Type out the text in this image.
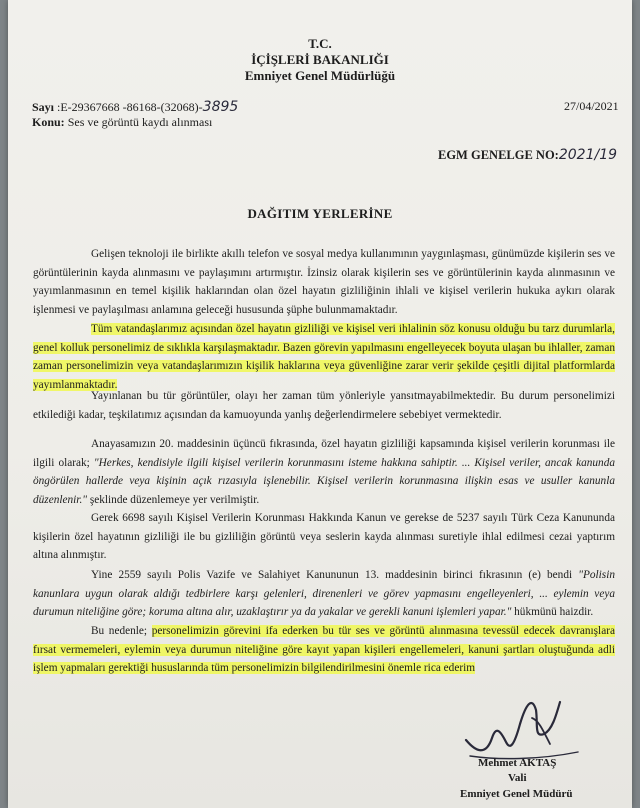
T.C.
İÇİŞLERİ BAKANLIĞI
Emniyet Genel Müdürlüğü
Sayı :E-29367668 -86168-(32068)-3895	27/04/2021
Konu: Ses ve görüntü kaydı alınması
EGM GENELGE NO:2021/19
DAĞITIM YERLERİNE

Gelişen teknoloji ile birlikte akıllı telefon ve sosyal medya kullanımının yaygınlaşması, günümüzde kişilerin ses ve görüntülerinin kayda alınmasını ve paylaşımını artırmıştır. İzinsiz olarak kişilerin ses ve görüntülerinin kayda alınmasının ve yayımlanmasının en temel kişilik haklarından olan özel hayatın gizliliğinin ihlali ve kişisel verilerin hukuka aykırı olarak işlenmesi ve paylaşılması anlamına geleceği hususunda şüphe bulunmamaktadır.

Tüm vatandaşlarımız açısından özel hayatın gizliliği ve kişisel veri ihlalinin söz konusu olduğu bu tarz durumlarla, genel kolluk personelimiz de sıklıkla karşılaşmaktadır. Bazen görevin yapılmasını engelleyecek boyuta ulaşan bu ihlaller, zaman zaman personelimizin veya vatandaşlarımızın kişilik haklarına veya güvenliğine zarar verir şekilde çeşitli dijital platformlarda yayımlanmaktadır.

Yayınlanan bu tür görüntüler, olayı her zaman tüm yönleriyle yansıtmayabilmektedir. Bu durum personelimizi etkilediği kadar, teşkilatımız açısından da kamuoyunda yanlış değerlendirmelere sebebiyet vermektedir.

Anayasamızın 20. maddesinin üçüncü fıkrasında, özel hayatın gizliliği kapsamında kişisel verilerin korunması ile ilgili olarak; "Herkes, kendisiyle ilgili kişisel verilerin korunmasını isteme hakkına sahiptir. ... Kişisel veriler, ancak kanunda öngörülen hallerde veya kişinin açık rızasıyla işlenebilir. Kişisel verilerin korunmasına ilişkin esas ve usuller kanunla düzenlenir." şeklinde düzenlemeye yer verilmiştir.

Gerek 6698 sayılı Kişisel Verilerin Korunması Hakkında Kanun ve gerekse de 5237 sayılı Türk Ceza Kanununda kişilerin özel hayatının gizliliği ile bu gizliliğin görüntü veya seslerin kayda alınması suretiyle ihlal edilmesi cezai yaptırım altına alınmıştır.

Yine 2559 sayılı Polis Vazife ve Salahiyet Kanununun 13. maddesinin birinci fıkrasının (e) bendi "Polisin kanunlara uygun olarak aldığı tedbirlere karşı gelenleri, direnenleri ve görev yapmasını engelleyenleri, ... eylemin veya durumun niteliğine göre; koruma altına alır, uzaklaştırır ya da yakalar ve gerekli kanuni işlemleri yapar." hükmünü haizdir.

Bu nedenle; personelimizin görevini ifa ederken bu tür ses ve görüntü alınmasına tevessül edecek davranışlara fırsat vermemeleri, eylemin veya durumun niteliğine göre kayıt yapan kişileri engellemeleri, kanuni şartları oluştuğunda adli işlem yapmaları gerektiği hususlarında tüm personelimizin bilgilendirilmesini önemle rica ederim

Mehmet AKTAŞ
Vali
Emniyet Genel Müdürü
